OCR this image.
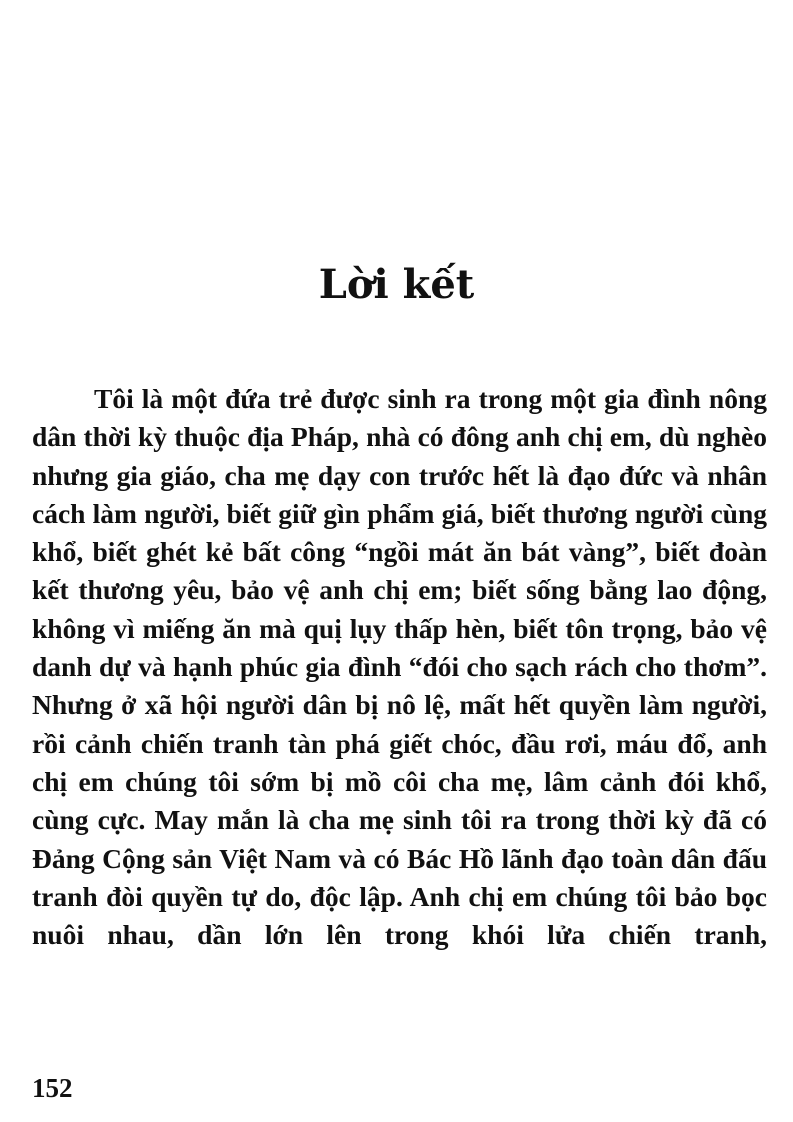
Lời kết

Tôi là một đứa trẻ được sinh ra trong một gia đình nông dân thời kỳ thuộc địa Pháp, nhà có đông anh chị em, dù nghèo nhưng gia giáo, cha mẹ dạy con trước hết là đạo đức và nhân cách làm người, biết giữ gìn phẩm giá, biết thương người cùng khổ, biết ghét kẻ bất công “ngồi mát ăn bát vàng”, biết đoàn kết thương yêu, bảo vệ anh chị em; biết sống bằng lao động, không vì miếng ăn mà quị lụy thấp hèn, biết tôn trọng, bảo vệ danh dự và hạnh phúc gia đình “đói cho sạch rách cho thơm”. Nhưng ở xã hội người dân bị nô lệ, mất hết quyền làm người, rồi cảnh chiến tranh tàn phá giết chóc, đầu rơi, máu đổ, anh chị em chúng tôi sớm bị mồ côi cha mẹ, lâm cảnh đói khổ, cùng cực. May mắn là cha mẹ sinh tôi ra trong thời kỳ đã có Đảng Cộng sản Việt Nam và có Bác Hồ lãnh đạo toàn dân đấu tranh đòi quyền tự do, độc lập. Anh chị em chúng tôi bảo bọc nuôi nhau, dần lớn lên trong khói lửa chiến tranh,

152
